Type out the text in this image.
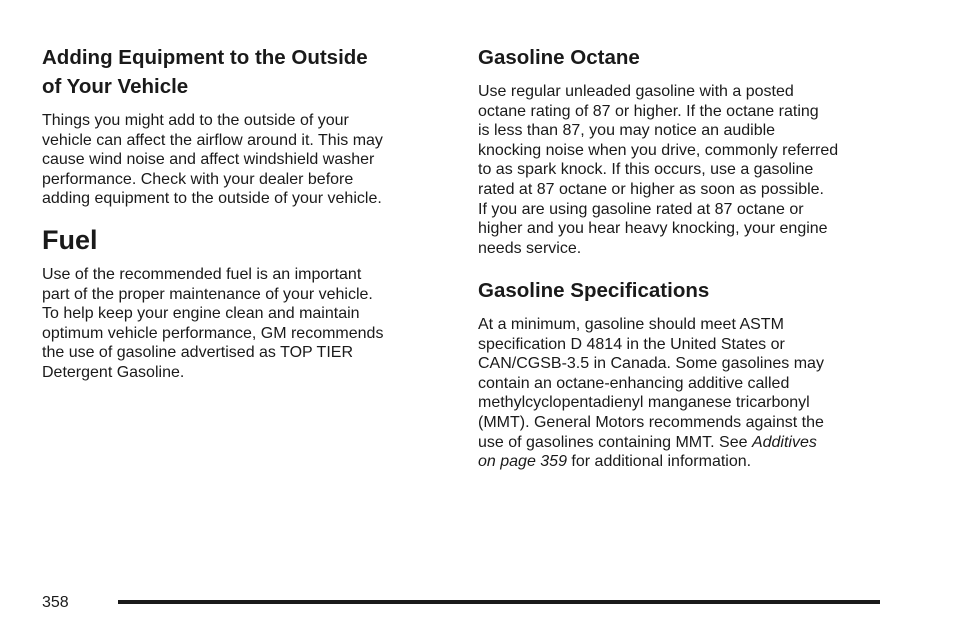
Adding Equipment to the Outside
of Your Vehicle

Things you might add to the outside of your
vehicle can affect the airflow around it. This may
cause wind noise and affect windshield washer
performance. Check with your dealer before
adding equipment to the outside of your vehicle.

Fuel

Use of the recommended fuel is an important
part of the proper maintenance of your vehicle.
To help keep your engine clean and maintain
optimum vehicle performance, GM recommends
the use of gasoline advertised as TOP TIER
Detergent Gasoline.

Gasoline Octane

Use regular unleaded gasoline with a posted
octane rating of 87 or higher. If the octane rating
is less than 87, you may notice an audible
knocking noise when you drive, commonly referred
to as spark knock. If this occurs, use a gasoline
rated at 87 octane or higher as soon as possible.
If you are using gasoline rated at 87 octane or
higher and you hear heavy knocking, your engine
needs service.

Gasoline Specifications

At a minimum, gasoline should meet ASTM
specification D 4814 in the United States or
CAN/CGSB-3.5 in Canada. Some gasolines may
contain an octane-enhancing additive called
methylcyclopentadienyl manganese tricarbonyl
(MMT). General Motors recommends against the
use of gasolines containing MMT. See Additives
on page 359 for additional information.

358
